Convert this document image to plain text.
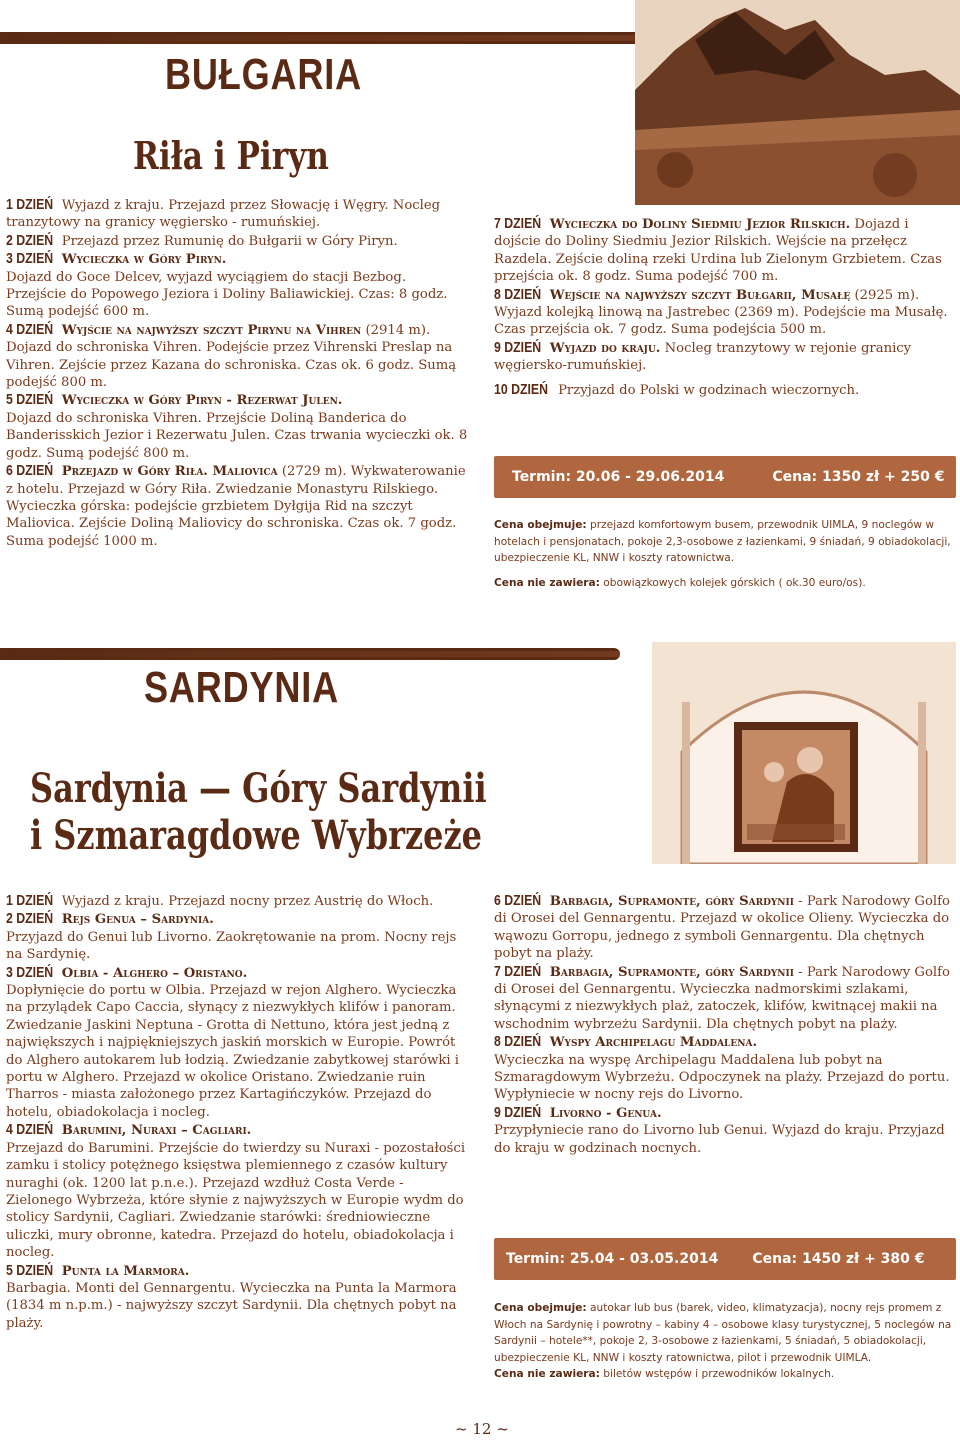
BUŁGARIA
Riła i Piryn

1 DZIEŃ Wyjazd z kraju. Przejazd przez Słowację i Węgry. Nocleg tranzytowy na granicy węgiersko - rumuńskiej.

2 DZIEŃ Przejazd przez Rumunię do Bułgarii w Góry Piryn.

3 DZIEŃ Wycieczka w Góry Piryn.
Dojazd do Goce Delcev, wyjazd wyciągiem do stacji Bezbog. Przejście do Popowego Jeziora i Doliny Baliawickiej. Czas: 8 godz. Sumą podejść 600 m.

4 DZIEŃ Wyjście na najwyższy szczyt Pirynu na Vihren (2914 m). Dojazd do schroniska Vihren. Podejście przez Vihrenski Preslap na Vihren. Zejście przez Kazana do schroniska. Czas ok. 6 godz. Sumą podejść 800 m.

5 DZIEŃ Wycieczka w Góry Piryn - Rezerwat Julen.
Dojazd do schroniska Vihren. Przejście Doliną Banderica do Banderisskich Jezior i Rezerwatu Julen. Czas trwania wycieczki ok. 8 godz. Sumą podejść 800 m.

6 DZIEŃ Przejazd w Góry Riła. Maliovica (2729 m). Wykwaterowanie z hotelu. Przejazd w Góry Riła. Zwiedzanie Monastyru Rilskiego. Wycieczka górska: podejście grzbietem Dyłgija Rid na szczyt Maliovica. Zejście Doliną Maliovicy do schroniska. Czas ok. 7 godz. Suma podejść 1000 m.

7 DZIEŃ Wycieczka do Doliny Siedmiu Jezior Rilskich. Dojazd i dojście do Doliny Siedmiu Jezior Rilskich. Wejście na przełęcz Razdela. Zejście doliną rzeki Urdina lub Zielonym Grzbietem. Czas przejścia ok. 8 godz. Suma podejść 700 m.

8 DZIEŃ Wejście na najwyższy szczyt Bułgarii, Musałę (2925 m). Wyjazd kolejką linową na Jastrebec (2369 m). Podejście ma Musałę. Czas przejścia ok. 7 godz. Suma podejścia 500 m.

9 DZIEŃ Wyjazd do kraju. Nocleg tranzytowy w rejonie granicy węgiersko-rumuńskiej.

10 DZIEŃ Przyjazd do Polski w godzinach wieczornych.

Termin: 20.06 - 29.06.2014	Cena: 1350 zł + 250 €
Cena obejmuje: przejazd komfortowym busem, przewodnik UIMLA, 9 noclegów w hotelach i pensjonatach, pokoje 2,3-osobowe z łazienkami, 9 śniadań, 9 obiadokolacji, ubezpieczenie KL, NNW i koszty ratownictwa.
Cena nie zawiera: obowiązkowych kolejek górskich ( ok.30 euro/os).
SARDYNIA
Sardynia — Góry Sardynii
i Szmaragdowe Wybrzeże

1 DZIEŃ Wyjazd z kraju. Przejazd nocny przez Austrię do Włoch.

2 DZIEŃ Rejs Genua – Sardynia.
Przyjazd do Genui lub Livorno. Zaokrętowanie na prom. Nocny rejs na Sardynię.

3 DZIEŃ Olbia - Alghero – Oristano.
Dopłynięcie do portu w Olbia. Przejazd w rejon Alghero. Wycieczka na przylądek Capo Caccia, słynący z niezwykłych klifów i panoram. Zwiedzanie Jaskini Neptuna - Grotta di Nettuno, która jest jedną z największych i najpiękniejszych jaskiń morskich w Europie. Powrót do Alghero autokarem lub łodzią. Zwiedzanie zabytkowej starówki i portu w Alghero. Przejazd w okolice Oristano. Zwiedzanie ruin Tharros - miasta założonego przez Kartagińczyków. Przejazd do hotelu, obiadokolacja i nocleg.

4 DZIEŃ Barumini, Nuraxi – Cagliari.
Przejazd do Barumini. Przejście do twierdzy su Nuraxi - pozostałości zamku i stolicy potężnego księstwa plemiennego z czasów kultury nuraghi (ok. 1200 lat p.n.e.). Przejazd wzdłuż Costa Verde - Zielonego Wybrzeża, które słynie z najwyższych w Europie wydm do stolicy Sardynii, Cagliari. Zwiedzanie starówki: średniowieczne uliczki, mury obronne, katedra. Przejazd do hotelu, obiadokolacja i nocleg.

5 DZIEŃ Punta la Marmora.
Barbagia. Monti del Gennargentu. Wycieczka na Punta la Marmora (1834 m n.p.m.) - najwyższy szczyt Sardynii. Dla chętnych pobyt na plaży.

6 DZIEŃ Barbagia, Supramonte, góry Sardynii - Park Narodowy Golfo di Orosei del Gennargentu. Przejazd w okolice Olieny. Wycieczka do wąwozu Gorropu, jednego z symboli Gennargentu. Dla chętnych pobyt na plaży.

7 DZIEŃ Barbagia, Supramonte, góry Sardynii - Park Narodowy Golfo di Orosei del Gennargentu. Wycieczka nadmorskimi szlakami, słynącymi z niezwykłych plaż, zatoczek, klifów, kwitnącej makii na wschodnim wybrzeżu Sardynii. Dla chętnych pobyt na plaży.

8 DZIEŃ Wyspy Archipelagu Maddalena.
Wycieczka na wyspę Archipelagu Maddalena lub pobyt na Szmaragdowym Wybrzeżu. Odpoczynek na plaży. Przejazd do portu. Wypłyniecie w nocny rejs do Livorno.

9 DZIEŃ Livorno - Genua.
Przypłyniecie rano do Livorno lub Genui. Wyjazd do kraju. Przyjazd do kraju w godzinach nocnych.

Termin: 25.04 - 03.05.2014 Cena: 1450 zł + 380 €
Cena obejmuje: autokar lub bus (barek, video, klimatyzacja), nocny rejs promem z Włoch na Sardynię i powrotny – kabiny 4 – osobowe klasy turystycznej, 5 noclegów na Sardynii – hotele**, pokoje 2, 3-osobowe z łazienkami, 5 śniadań, 5 obiadokolacji, ubezpieczenie KL, NNW i koszty ratownictwa, pilot i przewodnik UIMLA.
Cena nie zawiera: biletów wstępów i przewodników lokalnych.
~ 12 ~
